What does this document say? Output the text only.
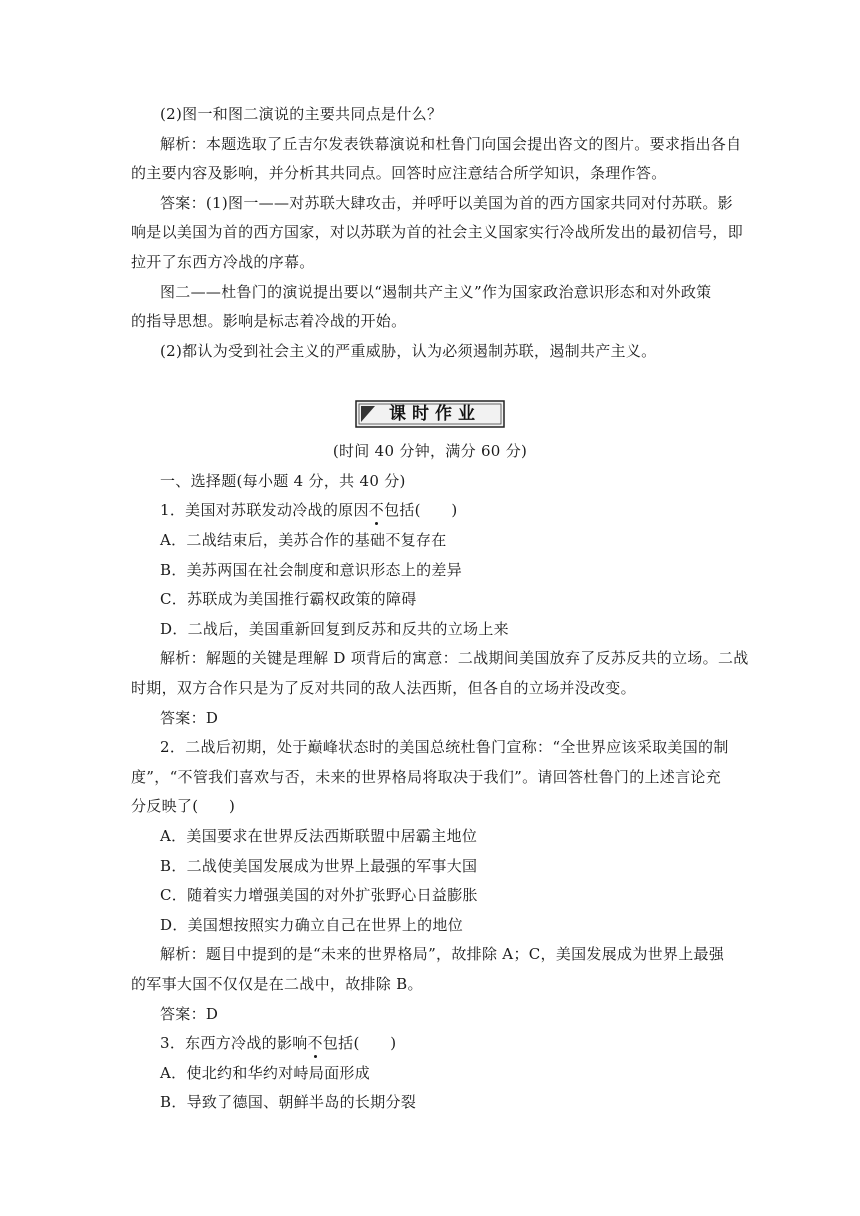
(2)图一和图二演说的主要共同点是什么？
解析：本题选取了丘吉尔发表铁幕演说和杜鲁门向国会提出咨文的图片。要求指出各自
的主要内容及影响，并分析其共同点。回答时应注意结合所学知识，条理作答。
答案：(1)图一——对苏联大肆攻击，并呼吁以美国为首的西方国家共同对付苏联。影
响是以美国为首的西方国家，对以苏联为首的社会主义国家实行冷战所发出的最初信号，即
拉开了东西方冷战的序幕。
图二——杜鲁门的演说提出要以“遏制共产主义”作为国家政治意识形态和对外政策
的指导思想。影响是标志着冷战的开始。
(2)都认为受到社会主义的严重威胁，认为必须遏制苏联，遏制共产主义。
课时作业
(时间 40 分钟，满分 60 分)
一、选择题(每小题 4 分，共 40 分)
1．美国对苏联发动冷战的原因不包括(　　)
A．二战结束后，美苏合作的基础不复存在
B．美苏两国在社会制度和意识形态上的差异
C．苏联成为美国推行霸权政策的障碍
D．二战后，美国重新回复到反苏和反共的立场上来
解析：解题的关键是理解 D 项背后的寓意：二战期间美国放弃了反苏反共的立场。二战
时期，双方合作只是为了反对共同的敌人法西斯，但各自的立场并没改变。
答案：D
2．二战后初期，处于巅峰状态时的美国总统杜鲁门宣称：“全世界应该采取美国的制
度”，“不管我们喜欢与否，未来的世界格局将取决于我们”。请回答杜鲁门的上述言论充
分反映了(　　)
A．美国要求在世界反法西斯联盟中居霸主地位
B．二战使美国发展成为世界上最强的军事大国
C．随着实力增强美国的对外扩张野心日益膨胀
D．美国想按照实力确立自己在世界上的地位
解析：题目中提到的是“未来的世界格局”，故排除 A；C，美国发展成为世界上最强
的军事大国不仅仅是在二战中，故排除 B。
答案：D
3．东西方冷战的影响不包括(　　)
A．使北约和华约对峙局面形成
B．导致了德国、朝鲜半岛的长期分裂
